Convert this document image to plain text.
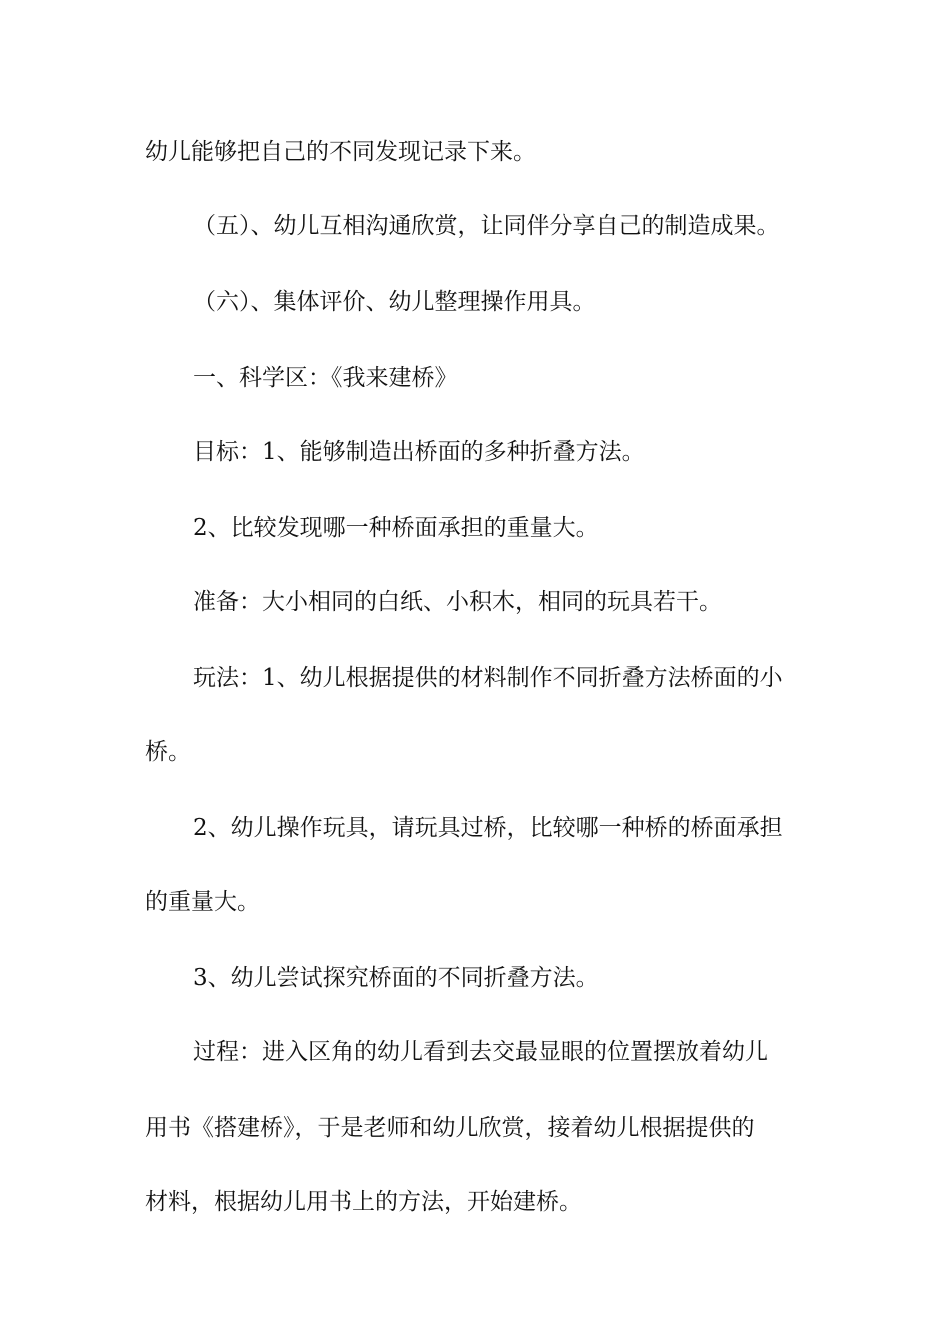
幼儿能够把自己的不同发现记录下来。
（五）、幼儿互相沟通欣赏，让同伴分享自己的制造成果。
（六）、集体评价、幼儿整理操作用具。
一、科学区：《我来建桥》
目标：1、能够制造出桥面的多种折叠方法。
2、比较发现哪一种桥面承担的重量大。
准备：大小相同的白纸、小积木，相同的玩具若干。
玩法：1、幼儿根据提供的材料制作不同折叠方法桥面的小
桥。
2、幼儿操作玩具，请玩具过桥，比较哪一种桥的桥面承担
的重量大。
3、幼儿尝试探究桥面的不同折叠方法。
过程：进入区角的幼儿看到去交最显眼的位置摆放着幼儿
用书《搭建桥》，于是老师和幼儿欣赏，接着幼儿根据提供的
材料，根据幼儿用书上的方法，开始建桥。
